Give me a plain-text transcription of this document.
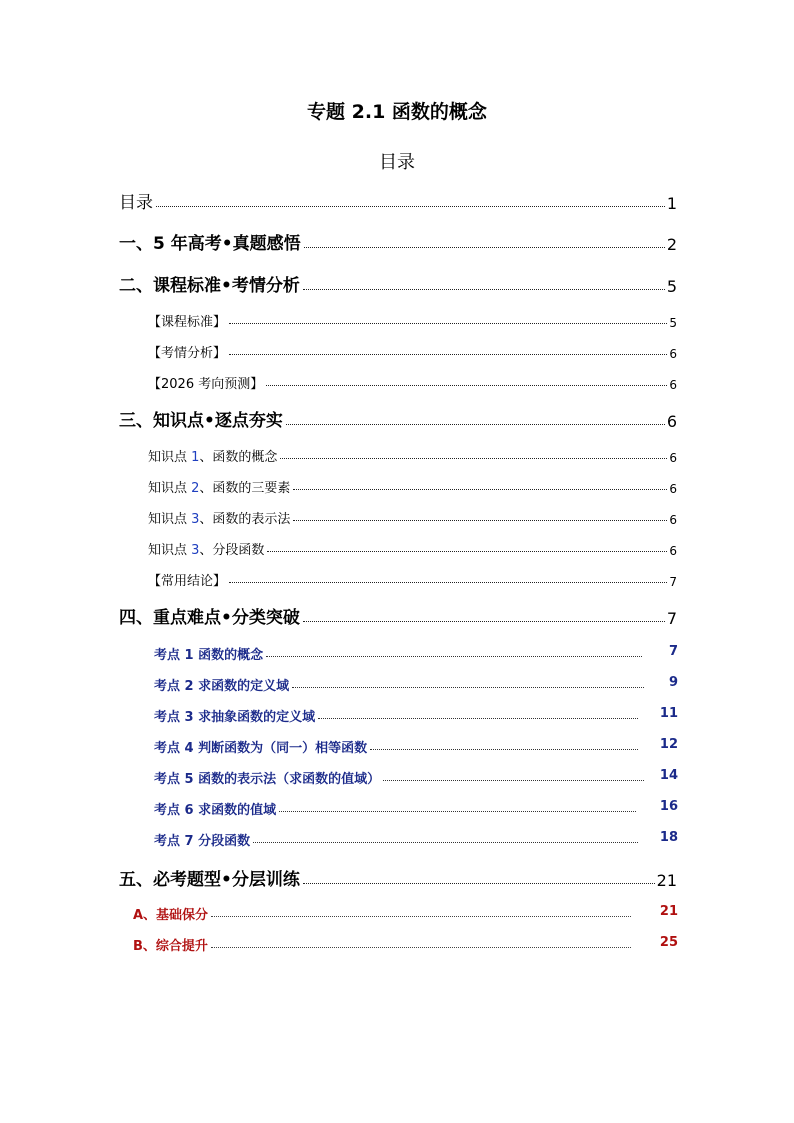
专题 2.1 函数的概念
目录
目录	1
一、5 年高考•真题感悟	2
二、课程标准•考情分析	5
【课程标准】	5
【考情分析】	6
【2026 考向预测】	6
三、知识点•逐点夯实	6
知识点 1、函数的概念	6
知识点 2、函数的三要素	6
知识点 3、函数的表示法	6
知识点 3、分段函数	6
【常用结论】	7
四、重点难点•分类突破	7
考点 1 函数的概念	7
考点 2 求函数的定义域	9
考点 3 求抽象函数的定义域	11
考点 4 判断函数为（同一）相等函数	12
考点 5 函数的表示法（求函数的值域）	14
考点 6 求函数的值域	16
考点 7 分段函数	18
五、必考题型•分层训练	21
A、基础保分	21
B、综合提升	25
